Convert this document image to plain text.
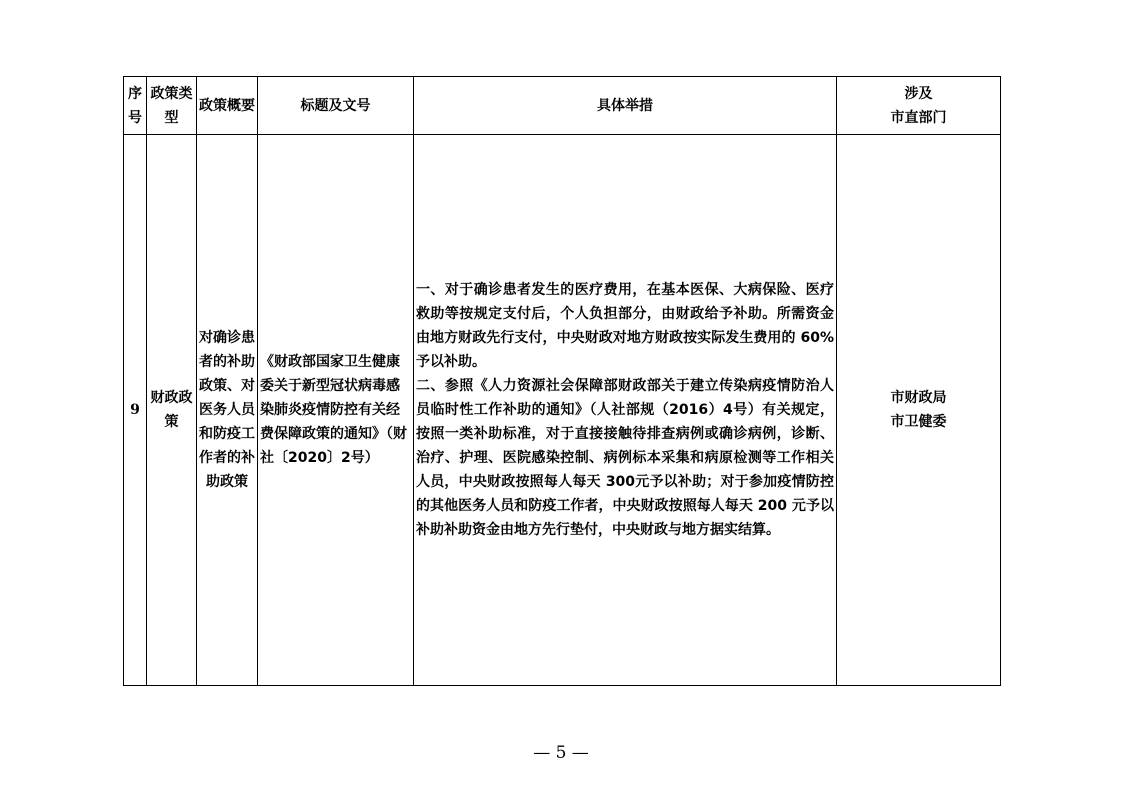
序号	政策类型	政策概要	标题及文号	具体举措	涉及
市直部门
9	财政政策	对确诊患者的补助政策、对医务人员和防疫工作者的补助政策	《财政部国家卫生健康委关于新型冠状病毒感染肺炎疫情防控有关经费保障政策的通知》（财社〔2020〕2号）	一、对于确诊患者发生的医疗费用，在基本医保、大病保险、医疗救助等按规定支付后，个人负担部分，由财政给予补助。所需资金由地方财政先行支付，中央财政对地方财政按实际发生费用的 60%予以补助。
二、参照《人力资源社会保障部财政部关于建立传染病疫情防治人员临时性工作补助的通知》（人社部规（2016）4号）有关规定，按照一类补助标准，对于直接接触待排查病例或确诊病例，诊断、治疗、护理、医院感染控制、病例标本采集和病原检测等工作相关人员，中央财政按照每人每天 300元予以补助；对于参加疫情防控的其他医务人员和防疫工作者，中央财政按照每人每天 200 元予以补助补助资金由地方先行垫付，中央财政与地方据实结算。	市财政局
市卫健委
— 5 —
